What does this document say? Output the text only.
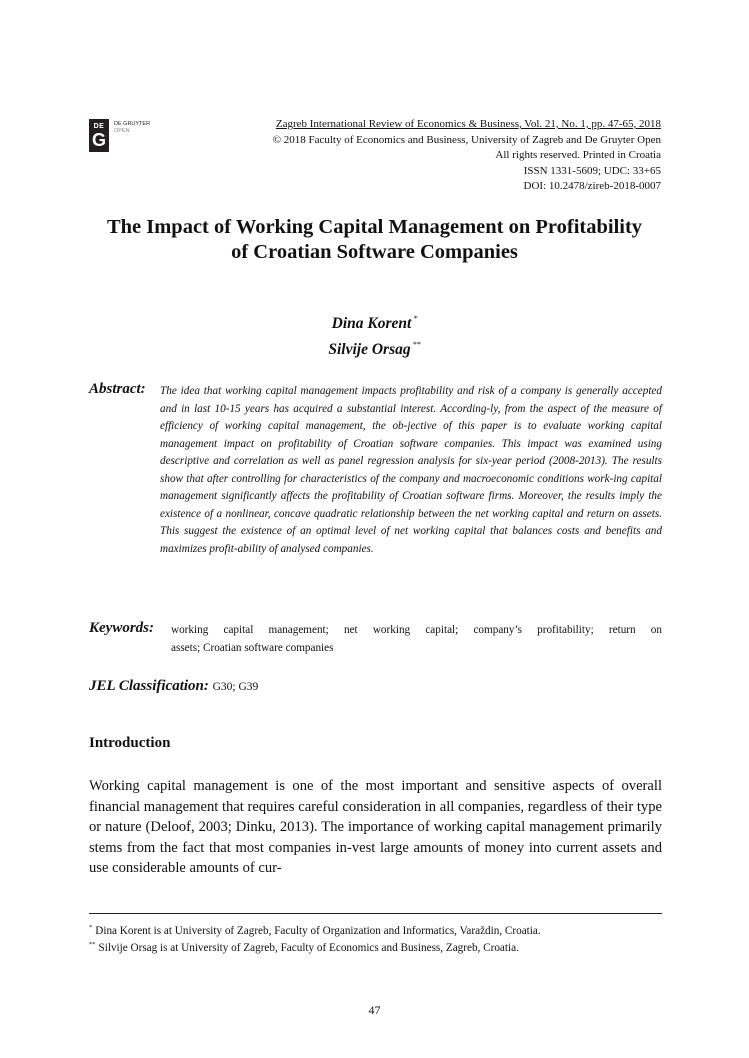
DE
G
DE GRUYTER
OPEN
Zagreb International Review of Economics & Business, Vol. 21, No. 1, pp. 47-65, 2018
© 2018 Faculty of Economics and Business, University of Zagreb and De Gruyter Open
All rights reserved. Printed in Croatia
ISSN 1331-5609; UDC: 33+65
DOI: 10.2478/zireb-2018-0007
The Impact of Working Capital Management on Profitability
of Croatian Software Companies
Dina Korent *
Silvije Orsag **
Abstract: The idea that working capital management impacts profitability and risk of a company is generally accepted and in last 10-15 years has acquired a substantial interest. According-ly, from the aspect of the measure of efficiency of working capital management, the ob-jective of this paper is to evaluate working capital management impact on profitability of Croatian software companies. This impact was examined using descriptive and correlation as well as panel regression analysis for six-year period (2008-2013). The results show that after controlling for characteristics of the company and macroeconomic conditions work-ing capital management significantly affects the profitability of Croatian software firms. Moreover, the results imply the existence of a nonlinear, concave quadratic relationship between the net working capital and return on assets. This suggest the existence of an optimal level of net working capital that balances costs and benefits and maximizes profit-ability of analysed companies.
Keywords: working capital management; net working capital; company’s profitability; return on
assets; Croatian software companies
JEL Classification: G30; G39
Introduction
Working capital management is one of the most important and sensitive aspects of overall financial management that requires careful consideration in all companies, regardless of their type or nature (Deloof, 2003; Dinku, 2013). The importance of working capital management primarily stems from the fact that most companies in-vest large amounts of money into current assets and use considerable amounts of cur-
* Dina Korent is at University of Zagreb, Faculty of Organization and Informatics, Varaždin, Croatia.
** Silvije Orsag is at University of Zagreb, Faculty of Economics and Business, Zagreb, Croatia.
47
